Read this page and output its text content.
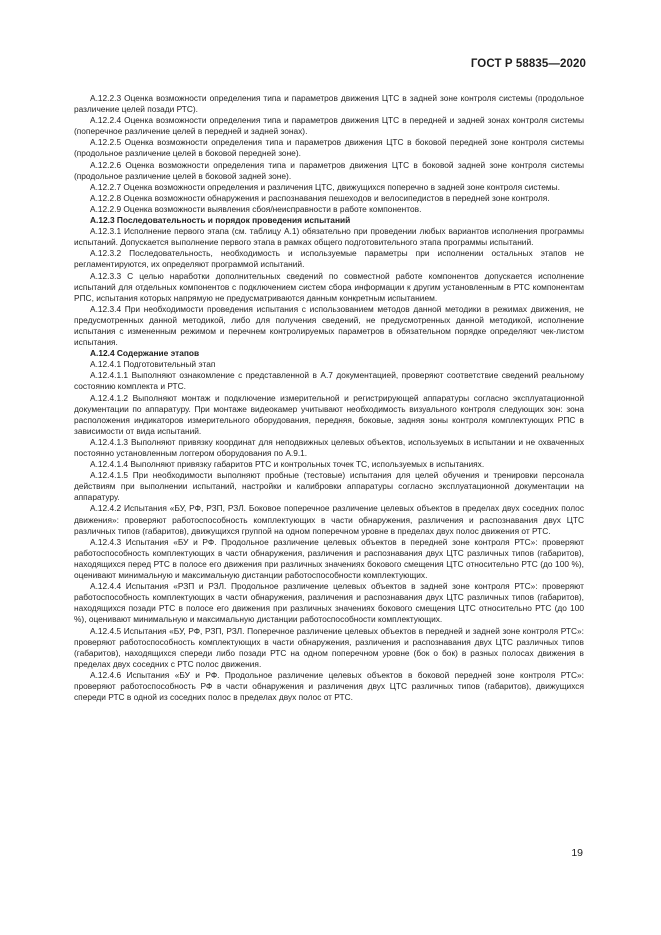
ГОСТ Р 58835—2020

А.12.2.3 Оценка возможности определения типа и параметров движения ЦТС в задней зоне контроля системы (продольное различение целей позади РТС).

А.12.2.4 Оценка возможности определения типа и параметров движения ЦТС в передней и задней зонах контроля системы (поперечное различение целей в передней и задней зонах).

А.12.2.5 Оценка возможности определения типа и параметров движения ЦТС в боковой передней зоне контроля системы (продольное различение целей в боковой передней зоне).

А.12.2.6 Оценка возможности определения типа и параметров движения ЦТС в боковой задней зоне контроля системы (продольное различение целей в боковой задней зоне).

А.12.2.7 Оценка возможности определения и различения ЦТС, движущихся поперечно в задней зоне контроля системы.

А.12.2.8 Оценка возможности обнаружения и распознавания пешеходов и велосипедистов в передней зоне контроля.

А.12.2.9 Оценка возможности выявления сбоя/неисправности в работе компонентов.

А.12.3 Последовательность и порядок проведения испытаний

А.12.3.1 Исполнение первого этапа (см. таблицу А.1) обязательно при проведении любых вариантов исполнения программы испытаний. Допускается выполнение первого этапа в рамках общего подготовительного этапа программы испытаний.

А.12.3.2 Последовательность, необходимость и используемые параметры при исполнении остальных этапов не регламентируются, их определяют программой испытаний.

А.12.3.3 С целью наработки дополнительных сведений по совместной работе компонентов допускается исполнение испытаний для отдельных компонентов с подключением систем сбора информации к другим установленным в РТС компонентам РПС, испытания которых напрямую не предусматриваются данным конкретным испытанием.

А.12.3.4 При необходимости проведения испытания с использованием методов данной методики в режимах движения, не предусмотренных данной методикой, либо для получения сведений, не предусмотренных данной методикой, исполнение испытания с измененным режимом и перечнем контролируемых параметров в обязательном порядке определяют чек-листом испытания.

А.12.4 Содержание этапов

А.12.4.1 Подготовительный этап

А.12.4.1.1 Выполняют ознакомление с представленной в А.7 документацией, проверяют соответствие сведений реальному состоянию комплекта и РТС.

А.12.4.1.2 Выполняют монтаж и подключение измерительной и регистрирующей аппаратуры согласно эксплуатационной документации по аппаратуру. При монтаже видеокамер учитывают необходимость визуального контроля следующих зон: зона расположения индикаторов измерительного оборудования, передняя, боковые, задняя зоны контроля комплектующих РПС в зависимости от вида испытаний.

А.12.4.1.3 Выполняют привязку координат для неподвижных целевых объектов, используемых в испытании и не охваченных постоянно установленным логгером оборудования по А.9.1.

А.12.4.1.4 Выполняют привязку габаритов РТС и контрольных точек ТС, используемых в испытаниях.

А.12.4.1.5 При необходимости выполняют пробные (тестовые) испытания для целей обучения и тренировки персонала действиям при выполнении испытаний, настройки и калибровки аппаратуры согласно эксплуатационной документации на аппаратуру.

А.12.4.2 Испытания «БУ, РФ, РЗП, РЗЛ. Боковое поперечное различение целевых объектов в пределах двух соседних полос движения»: проверяют работоспособность комплектующих в части обнаружения, различения и распознавания двух ЦТС различных типов (габаритов), движущихся группой на одном поперечном уровне в пределах двух полос движения от РТС.

А.12.4.3 Испытания «БУ и РФ. Продольное различение целевых объектов в передней зоне контроля РТС»: проверяют работоспособность комплектующих в части обнаружения, различения и распознавания двух ЦТС различных типов (габаритов), находящихся перед РТС в полосе его движения при различных значениях бокового смещения ЦТС относительно РТС (до 100 %), оценивают минимальную и максимальную дистанции работоспособности комплектующих.

А.12.4.4 Испытания «РЗП и РЗЛ. Продольное различение целевых объектов в задней зоне контроля РТС»: проверяют работоспособность комплектующих в части обнаружения, различения и распознавания двух ЦТС различных типов (габаритов), находящихся позади РТС в полосе его движения при различных значениях бокового смещения ЦТС относительно РТС (до 100 %), оценивают минимальную и максимальную дистанции работоспособности комплектующих.

А.12.4.5 Испытания «БУ, РФ, РЗП, РЗЛ. Поперечное различение целевых объектов в передней и задней зоне контроля РТС»: проверяют работоспособность комплектующих в части обнаружения, различения и распознавания двух ЦТС различных типов (габаритов), находящихся спереди либо позади РТС на одном поперечном уровне (бок о бок) в разных полосах движения в пределах двух соседних с РТС полос движения.

А.12.4.6 Испытания «БУ и РФ. Продольное различение целевых объектов в боковой передней зоне контроля РТС»: проверяют работоспособность РФ в части обнаружения и различения двух ЦТС различных типов (габаритов), движущихся спереди РТС в одной из соседних полос в пределах двух полос от РТС.

19
